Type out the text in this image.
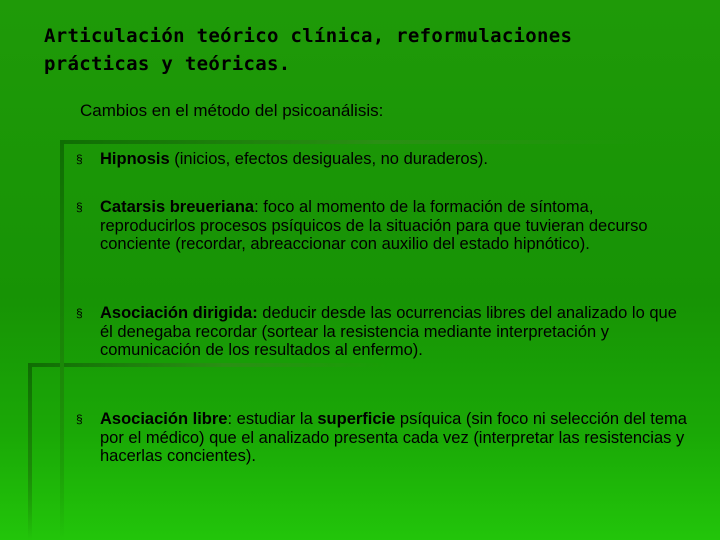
Articulación teórico clínica, reformulaciones
prácticas y teóricas.

Cambios en el método del psicoanálisis:

§	Hipnosis (inicios, efectos desiguales, no duraderos).
§	Catarsis breueriana: foco al momento de la formación de síntoma, reproducirlos procesos psíquicos de la situación para que tuvieran decurso conciente (recordar, abreaccionar con auxilio del estado hipnótico).
§	Asociación dirigida: deducir desde las ocurrencias libres del analizado lo que él denegaba recordar (sortear la resistencia mediante interpretación y comunicación de los resultados al enfermo).
§	Asociación libre: estudiar la superficie psíquica (sin foco ni selección del tema por el médico) que el analizado presenta cada vez (interpretar las resistencias y hacerlas concientes).
